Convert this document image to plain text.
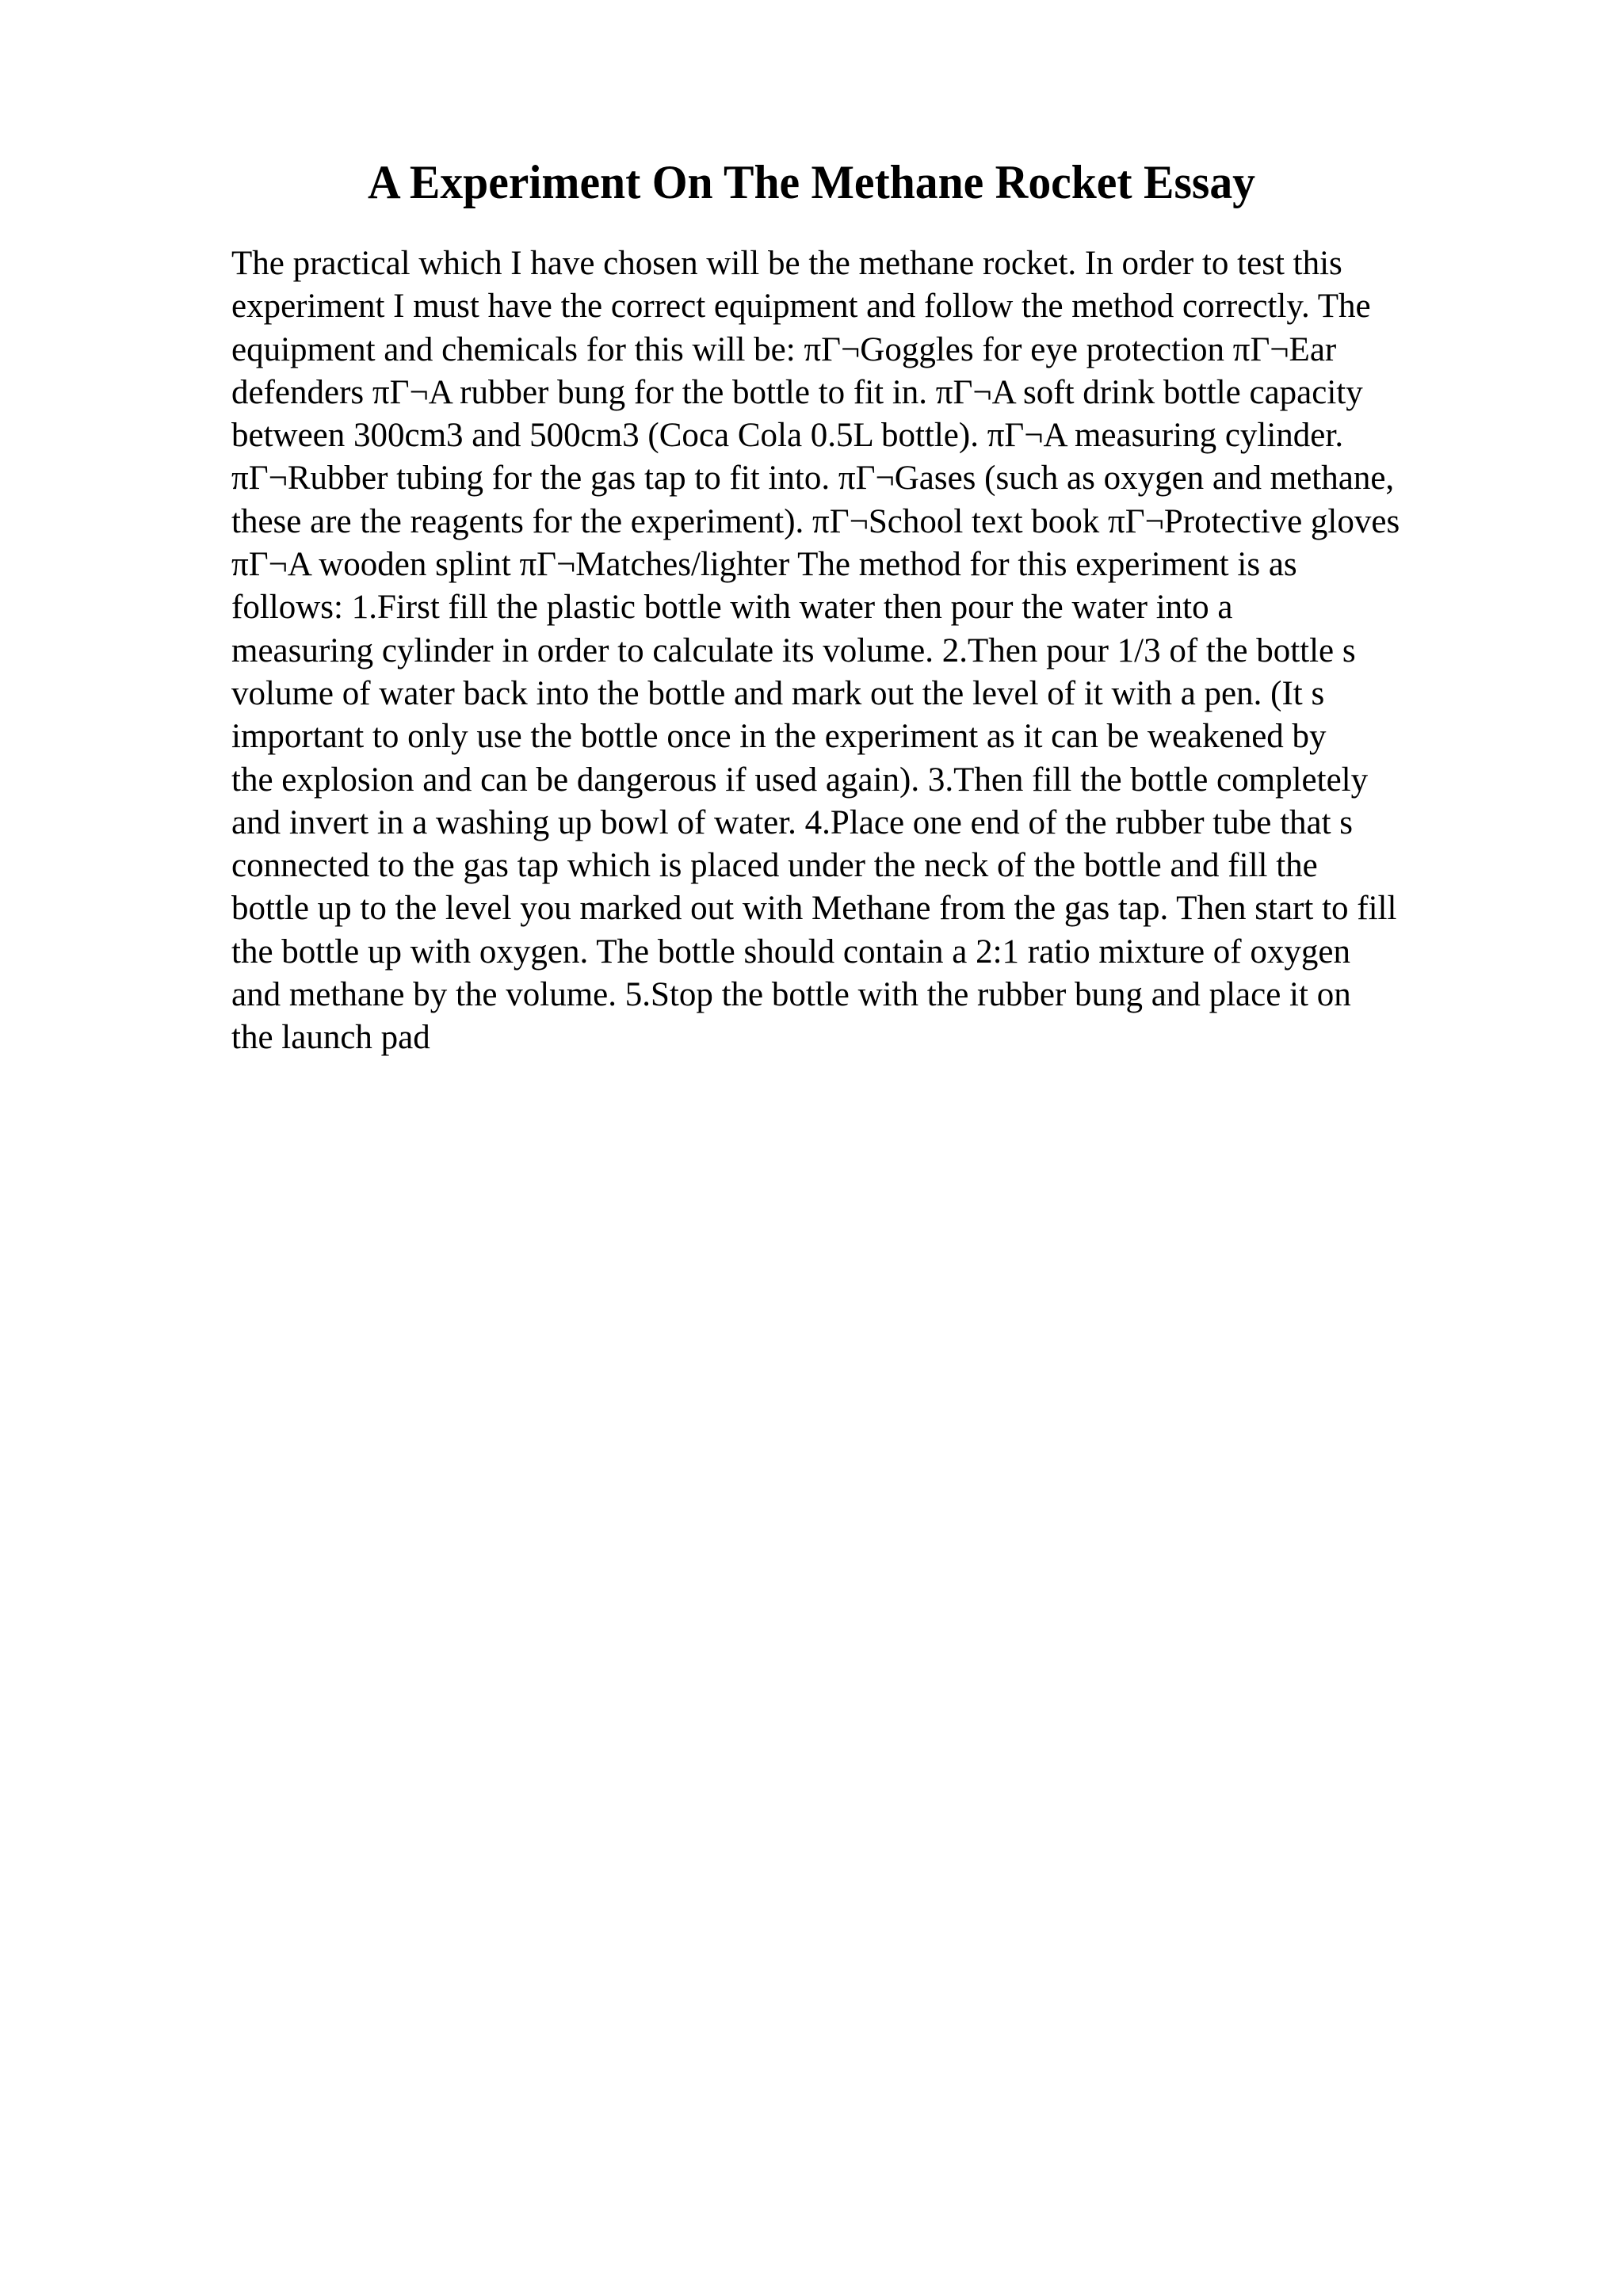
A Experiment On The Methane Rocket Essay
The practical which I have chosen will be the methane rocket. In order to test this
experiment I must have the correct equipment and follow the method correctly. The
equipment and chemicals for this will be: πΓ¬Goggles for eye protection πΓ¬Ear
defenders πΓ¬A rubber bung for the bottle to fit in. πΓ¬A soft drink bottle capacity
between 300cm3 and 500cm3 (Coca Cola 0.5L bottle). πΓ¬A measuring cylinder.
πΓ¬Rubber tubing for the gas tap to fit into. πΓ¬Gases (such as oxygen and methane,
these are the reagents for the experiment). πΓ¬School text book πΓ¬Protective gloves
πΓ¬A wooden splint πΓ¬Matches/lighter The method for this experiment is as
follows: 1.First fill the plastic bottle with water then pour the water into a
measuring cylinder in order to calculate its volume. 2.Then pour 1/3 of the bottle s
volume of water back into the bottle and mark out the level of it with a pen. (It s
important to only use the bottle once in the experiment as it can be weakened by
the explosion and can be dangerous if used again). 3.Then fill the bottle completely
and invert in a washing up bowl of water. 4.Place one end of the rubber tube that s
connected to the gas tap which is placed under the neck of the bottle and fill the
bottle up to the level you marked out with Methane from the gas tap. Then start to fill
the bottle up with oxygen. The bottle should contain a 2:1 ratio mixture of oxygen
and methane by the volume. 5.Stop the bottle with the rubber bung and place it on
the launch pad
